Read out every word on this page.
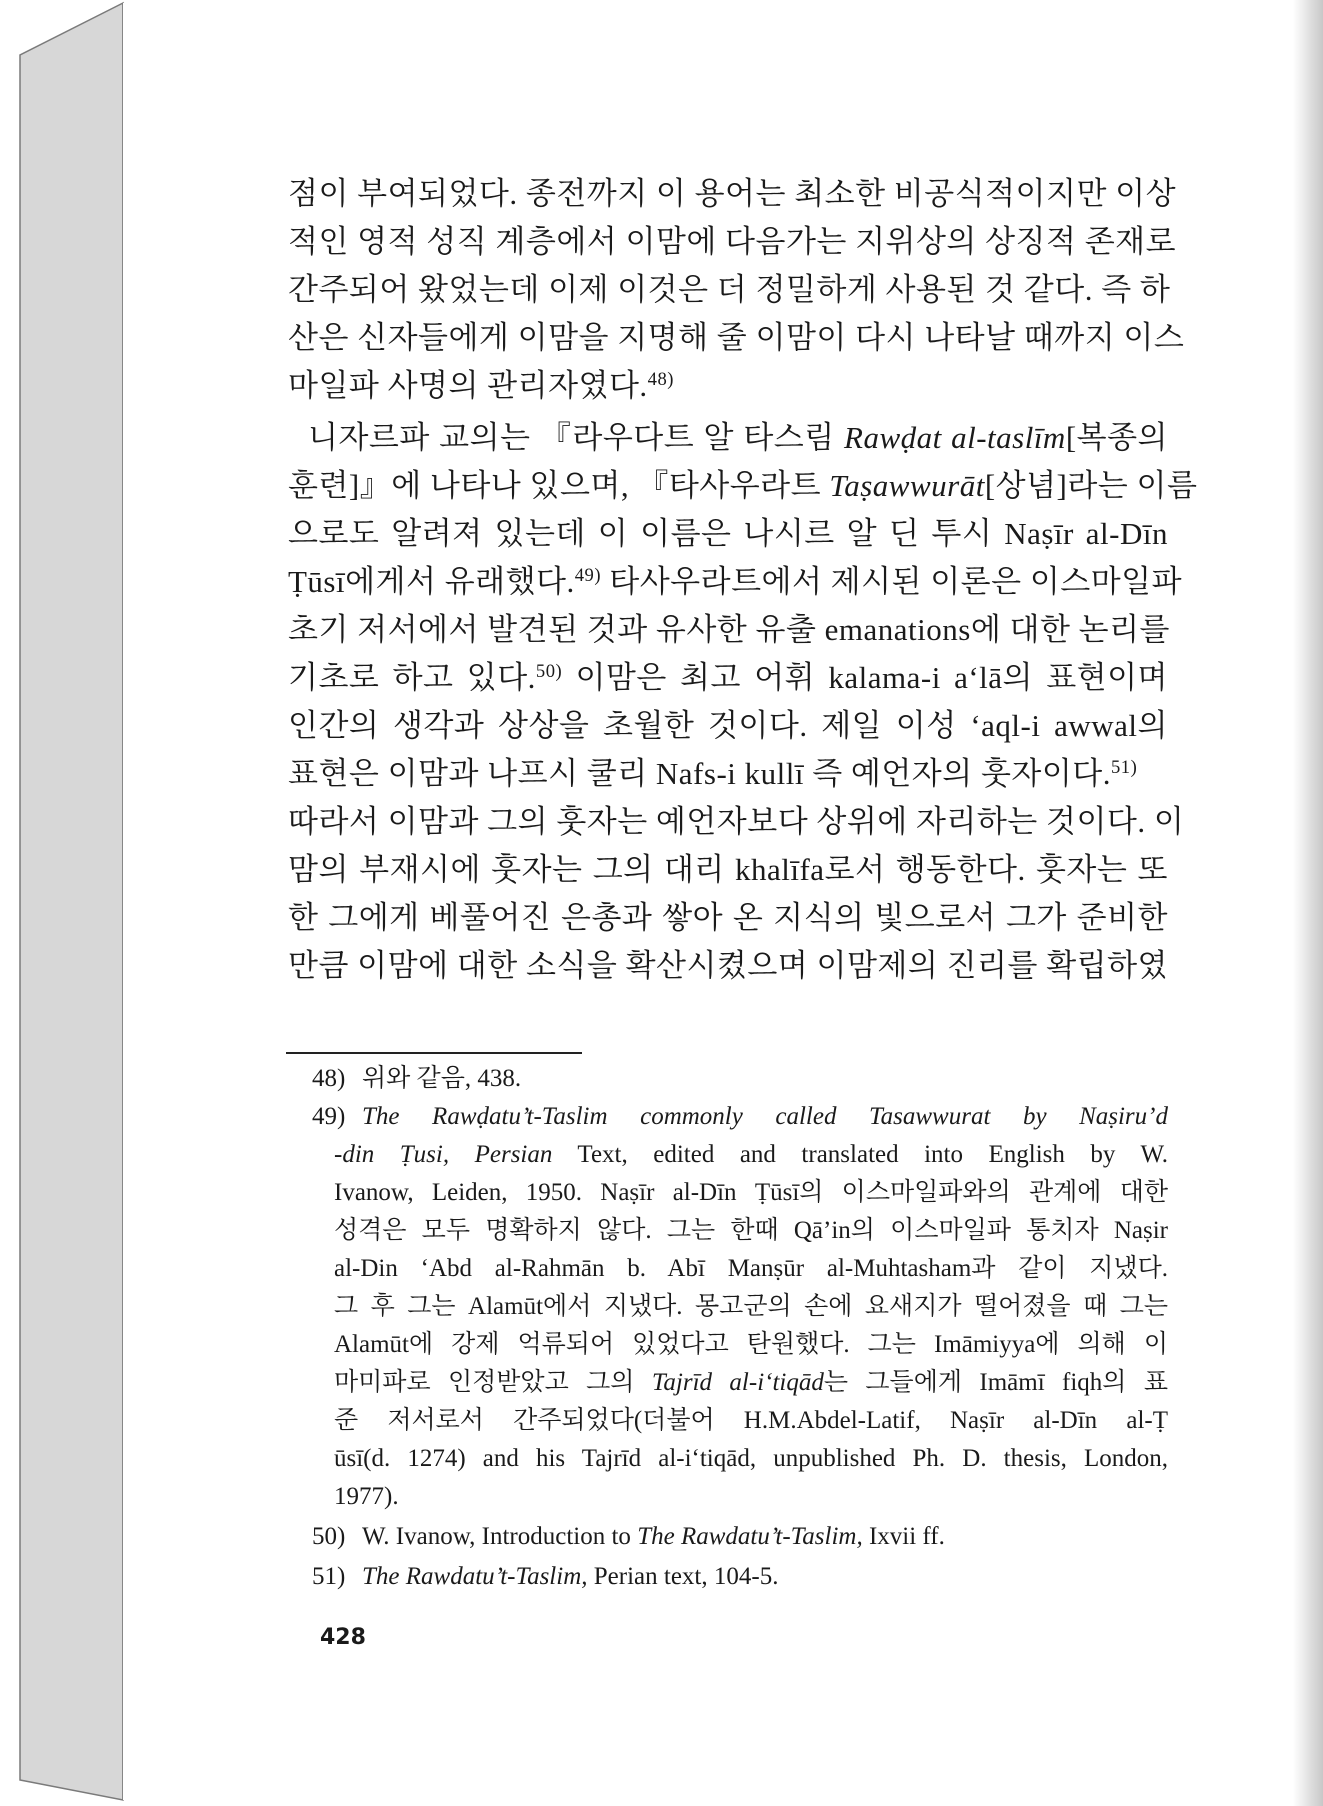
점이 부여되었다. 종전까지 이 용어는 최소한 비공식적이지만 이상
적인 영적 성직 계층에서 이맘에 다음가는 지위상의 상징적 존재로
간주되어 왔었는데 이제 이것은 더 정밀하게 사용된 것 같다. 즉 하
산은 신자들에게 이맘을 지명해 줄 이맘이 다시 나타날 때까지 이스
마일파 사명의 관리자였다.$^{48)}$
니자르파 교의는 『라우다트 알 타스림 Rawḍat al-taslīm[복종의
훈련]』에 나타나 있으며, 『타사우라트 Taṣawwurāt[상념]라는 이름
으로도 알려져 있는데 이 이름은 나시르 알 딘 투시 Naṣīr al-Dīn
Ṭūsī에게서 유래했다.$^{49)}$ 타사우라트에서 제시된 이론은 이스마일파
초기 저서에서 발견된 것과 유사한 유출 emanations에 대한 논리를
기초로 하고 있다.$^{50)}$ 이맘은 최고 어휘 kalama-i a‘lā의 표현이며
인간의 생각과 상상을 초월한 것이다. 제일 이성 ‘aql-i awwal의
표현은 이맘과 나프시 쿨리 Nafs-i kullī 즉 예언자의 훗자이다.$^{51)}$
따라서 이맘과 그의 훗자는 예언자보다 상위에 자리하는 것이다. 이
맘의 부재시에 훗자는 그의 대리 khalīfa로서 행동한다. 훗자는 또
한 그에게 베풀어진 은총과 쌓아 온 지식의 빛으로서 그가 준비한
만큼 이맘에 대한 소식을 확산시켰으며 이맘제의 진리를 확립하였
48) 위와 같음, 438.
49) The Rawḍatu’t-Taslim commonly called Tasawwurat by Naṣiru’d
-din Ṭusi, Persian Text, edited and translated into English by W.
Ivanow, Leiden, 1950. Naṣīr al-Dīn Ṭūsī의 이스마일파와의 관계에 대한
성격은 모두 명확하지 않다. 그는 한때 Qā’in의 이스마일파 통치자 Naṣir
al-Din ‘Abd al-Rahmān b. Abī Manṣūr al-Muhtasham과 같이 지냈다.
그 후 그는 Alamūt에서 지냈다. 몽고군의 손에 요새지가 떨어졌을 때 그는
Alamūt에 강제 억류되어 있었다고 탄원했다. 그는 Imāmiyya에 의해 이
마미파로 인정받았고 그의 Tajrīd al-i‘tiqād는 그들에게 Imāmī fiqh의 표
준 저서로서 간주되었다(더불어 H.M.Abdel-Latif, Naṣīr al-Dīn al-Ṭ
ūsī(d. 1274) and his Tajrīd al-i‘tiqād, unpublished Ph. D. thesis, London,
1977).
50) W. Ivanow, Introduction to The Rawdatu’t-Taslim, Ixvii ff.
51) The Rawdatu’t-Taslim, Perian text, 104-5.
428
